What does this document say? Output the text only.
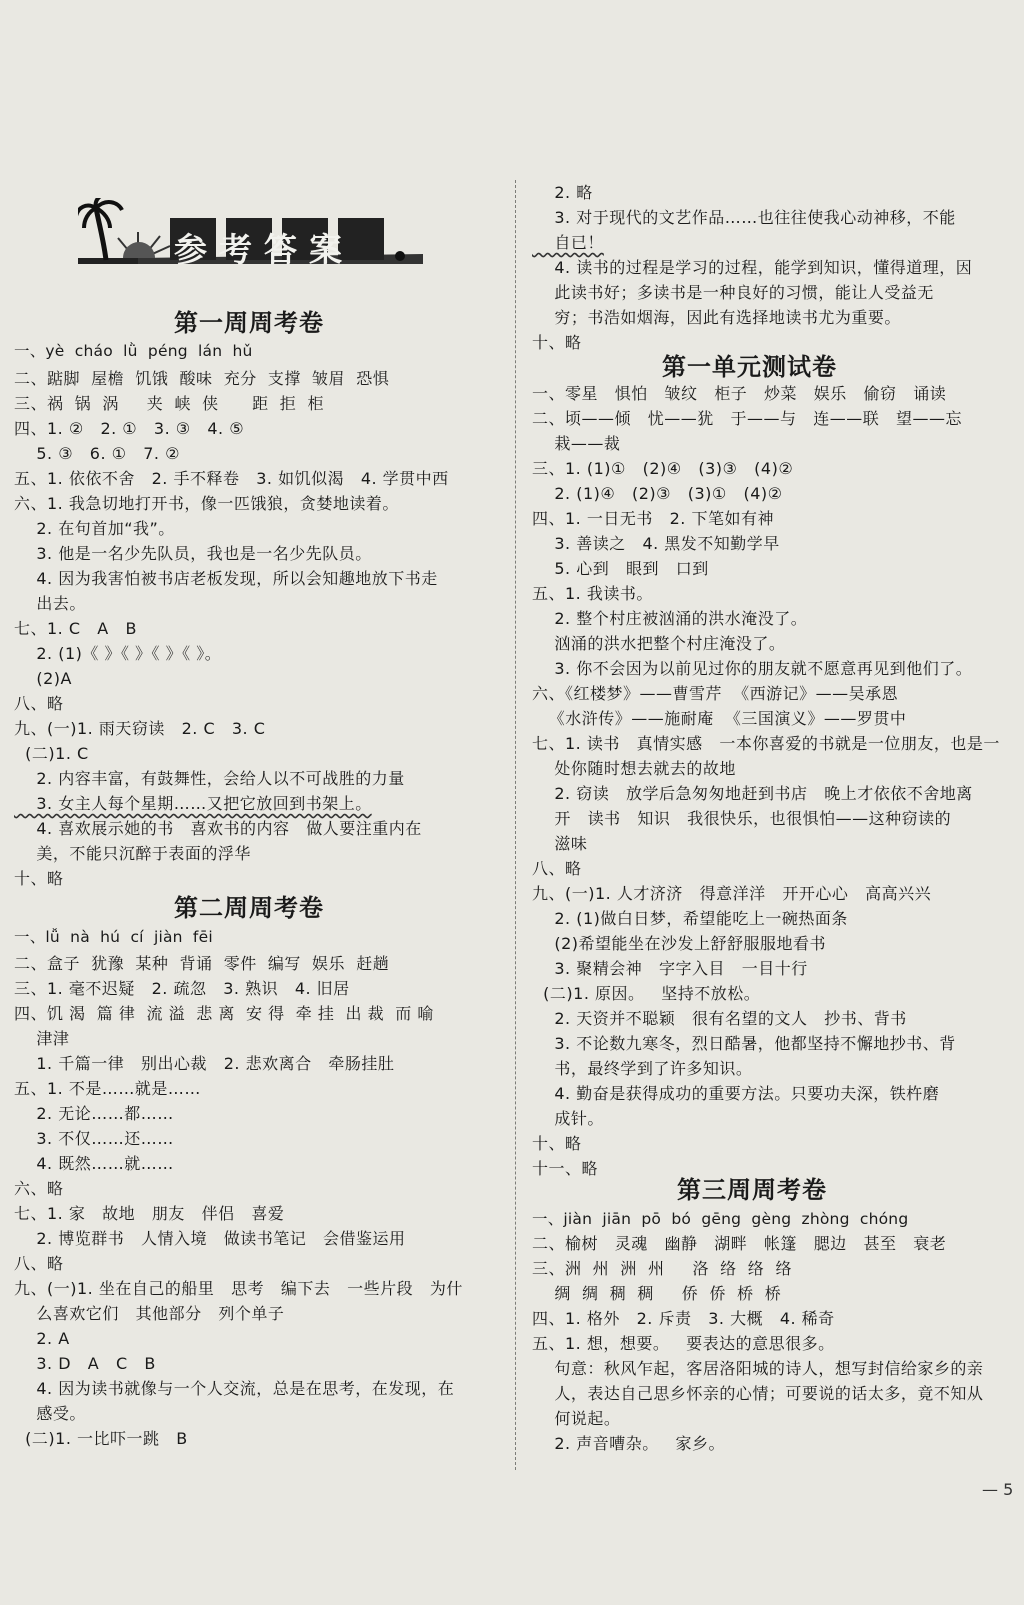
参考答案
第一周周考卷
一、yè  cháo  lǜ  péng  lán  hǔ
二、踮脚  屋檐  饥饿  酸味  充分  支撑  皱眉  恐惧
三、祸  锅  涡     夹  峡  侠      距  拒  柜
四、1. ②   2. ①   3. ③   4. ⑤
5. ③   6. ①   7. ②
五、1. 依依不舍   2. 手不释卷   3. 如饥似渴   4. 学贯中西
六、1. 我急切地打开书，像一匹饿狼，贪婪地读着。
2. 在句首加“我”。
3. 他是一名少先队员，我也是一名少先队员。
4. 因为我害怕被书店老板发现，所以会知趣地放下书走
出去。
七、1. C   A   B
2. (1)《 》《 》《 》《 》。
(2)A
八、略
九、(一)1. 雨天窃读   2. C   3. C
(二)1. C
2. 内容丰富，有鼓舞性，会给人以不可战胜的力量
3. 女主人每个星期……又把它放回到书架上。
4. 喜欢展示她的书   喜欢书的内容   做人要注重内在
美，不能只沉醉于表面的浮华
十、略
第二周周考卷
一、lǚ  nà  hú  cí  jiàn  fēi
二、盒子  犹豫  某种  背诵  零件  编写  娱乐  赶趟
三、1. 毫不迟疑   2. 疏忽   3. 熟识   4. 旧居
四、饥 渴  篇 律  流 溢  悲 离  安 得  牵 挂  出 裁  而 喻
津津
1. 千篇一律   别出心裁   2. 悲欢离合   牵肠挂肚
五、1. 不是……就是……
2. 无论……都……
3. 不仅……还……
4. 既然……就……
六、略
七、1. 家   故地   朋友   伴侣   喜爱
2. 博览群书   人情入境   做读书笔记   会借鉴运用
八、略
九、(一)1. 坐在自己的船里   思考   编下去   一些片段   为什
么喜欢它们   其他部分   列个单子
2. A
3. D   A   C   B
4. 因为读书就像与一个人交流，总是在思考，在发现，在
感受。
(二)1. 一比吓一跳   B
2. 略
3. 对于现代的文艺作品……也往往使我心动神移，不能
自已！
4. 读书的过程是学习的过程，能学到知识，懂得道理，因
此读书好；多读书是一种良好的习惯，能让人受益无
穷；书浩如烟海，因此有选择地读书尤为重要。
十、略
第一单元测试卷
一、零星   惧怕   皱纹   柜子   炒菜   娱乐   偷窃   诵读
二、顷——倾   忧——犹   于——与   连——联   望——忘
栽——裁
三、1. (1)①   (2)④   (3)③   (4)②
2. (1)④   (2)③   (3)①   (4)②
四、1. 一日无书   2. 下笔如有神
3. 善读之   4. 黑发不知勤学早
5. 心到   眼到   口到
五、1. 我读书。
2. 整个村庄被汹涌的洪水淹没了。
汹涌的洪水把整个村庄淹没了。
3. 你不会因为以前见过你的朋友就不愿意再见到他们了。
六、《红楼梦》——曹雪芹  《西游记》——吴承恩
《水浒传》——施耐庵  《三国演义》——罗贯中
七、1. 读书   真情实感   一本你喜爱的书就是一位朋友，也是一
处你随时想去就去的故地
2. 窃读   放学后急匆匆地赶到书店   晚上才依依不舍地离
开   读书   知识   我很快乐，也很惧怕——这种窃读的
滋味
八、略
九、(一)1. 人才济济   得意洋洋   开开心心   高高兴兴
2. (1)做白日梦，希望能吃上一碗热面条
(2)希望能坐在沙发上舒舒服服地看书
3. 聚精会神   字字入目   一目十行
(二)1. 原因。   坚持不放松。
2. 天资并不聪颖   很有名望的文人   抄书、背书
3. 不论数九寒冬，烈日酷暑，他都坚持不懈地抄书、背
书，最终学到了许多知识。
4. 勤奋是获得成功的重要方法。只要功夫深，铁杵磨
成针。
十、略
十一、略
第三周周考卷
一、jiàn  jiān  pō  bó  gēng  gèng  zhòng  chóng
二、榆树   灵魂   幽静   湖畔   帐篷   腮边   甚至   衰老
三、洲  州  洲  州     洛  络  络  络
绸  绸  稠  稠     侨  侨  桥  桥
四、1. 格外   2. 斥责   3. 大概   4. 稀奇
五、1. 想，想要。   要表达的意思很多。
句意：秋风乍起，客居洛阳城的诗人，想写封信给家乡的亲
人，表达自己思乡怀亲的心情；可要说的话太多，竟不知从
何说起。
2. 声音嘈杂。   家乡。
— 5
